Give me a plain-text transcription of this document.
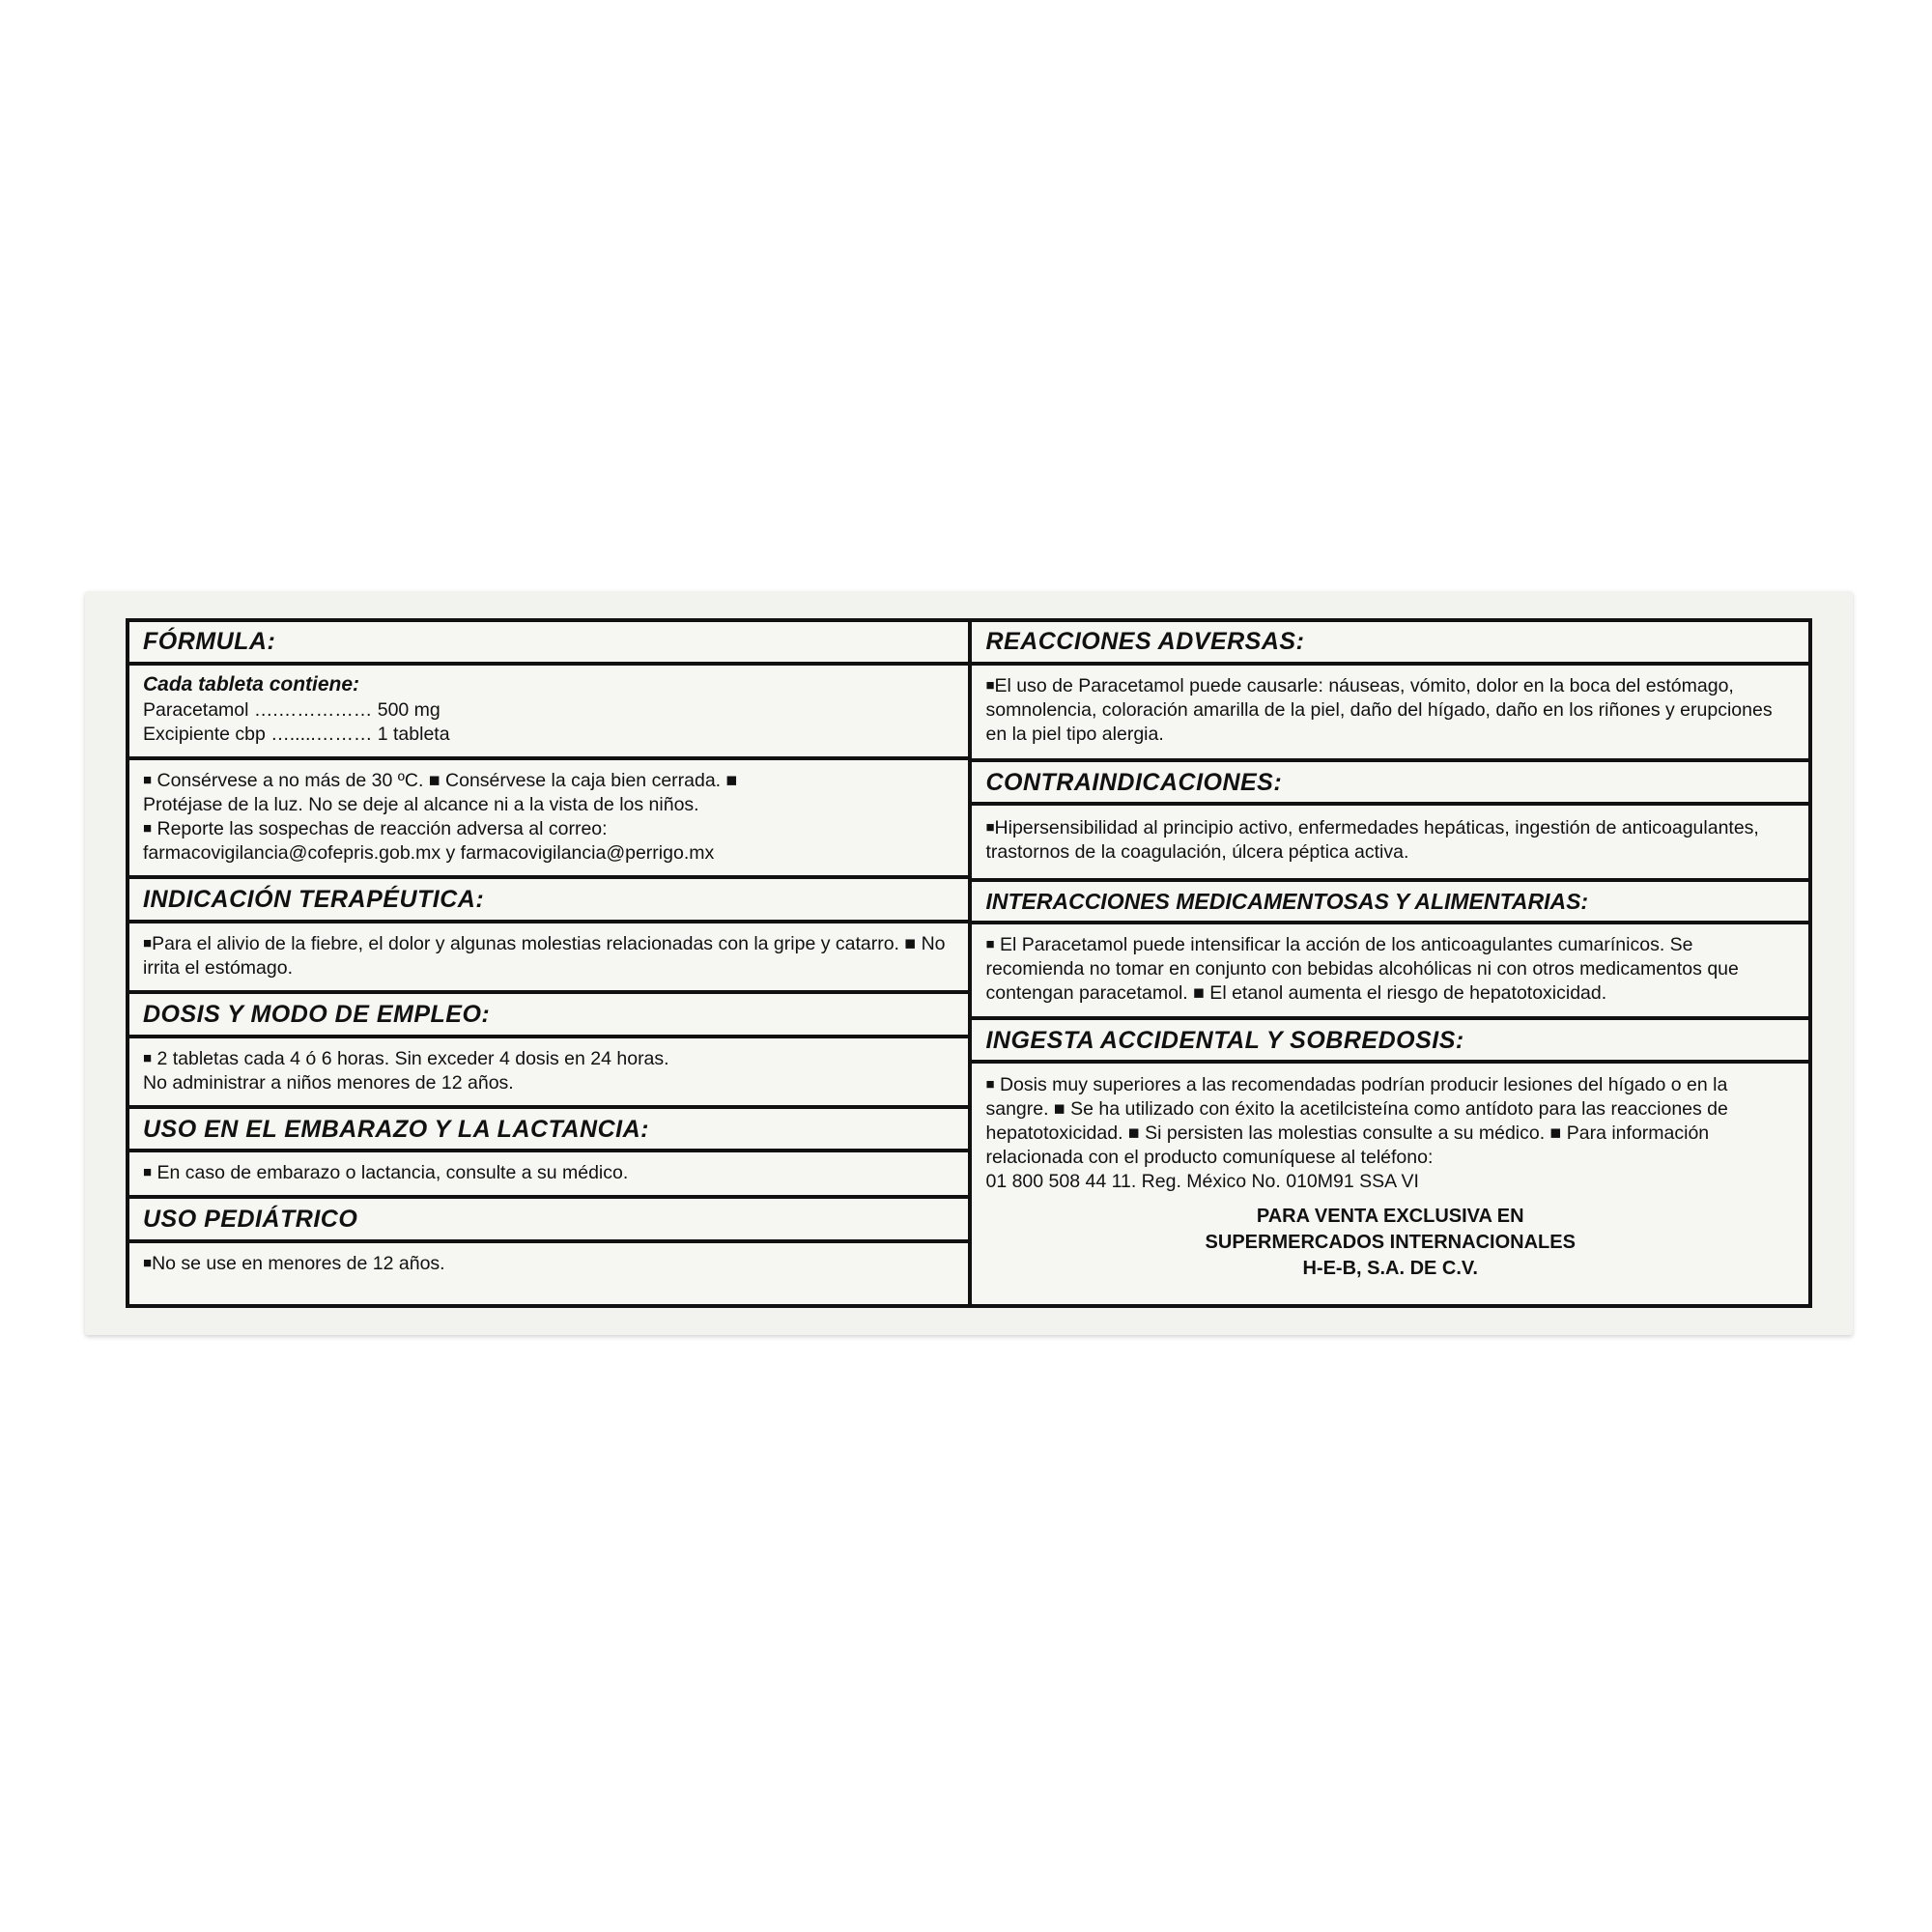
FÓRMULA:
Cada tableta contiene:
Paracetamol ….…………… 500 mg
Excipiente cbp ….....……… 1 tableta
■ Consérvese a no más de 30 ºC. ■ Consérvese la caja bien cerrada. ■
Protéjase de la luz. No se deje al alcance ni a la vista de los niños.
■ Reporte las sospechas de reacción adversa al correo:
farmacovigilancia@cofepris.gob.mx y farmacovigilancia@perrigo.mx
INDICACIÓN TERAPÉUTICA:
■Para el alivio de la fiebre, el dolor y algunas molestias relacionadas con la gripe y catarro. ■ No irrita el estómago.
DOSIS Y MODO DE EMPLEO:
■ 2 tabletas cada 4 ó 6 horas. Sin exceder 4 dosis en 24 horas.
No administrar a niños menores de 12 años.
USO EN EL EMBARAZO Y LA LACTANCIA:
■ En caso de embarazo o lactancia, consulte a su médico.
USO PEDIÁTRICO
■No se use en menores de 12 años.
REACCIONES ADVERSAS:
■El uso de Paracetamol puede causarle: náuseas, vómito, dolor en la boca del estómago, somnolencia, coloración amarilla de la piel, daño del hígado, daño en los riñones y erupciones en la piel tipo alergia.
CONTRAINDICACIONES:
■Hipersensibilidad al principio activo, enfermedades hepáticas, ingestión de anticoagulantes, trastornos de la coagulación, úlcera péptica activa.
INTERACCIONES MEDICAMENTOSAS Y ALIMENTARIAS:
■ El Paracetamol puede intensificar la acción de los anticoagulantes cumarínicos. Se recomienda no tomar en conjunto con bebidas alcohólicas ni con otros medicamentos que contengan paracetamol. ■ El etanol aumenta el riesgo de hepatotoxicidad.
INGESTA ACCIDENTAL Y SOBREDOSIS:
■ Dosis muy superiores a las recomendadas podrían producir lesiones del hígado o en la sangre. ■ Se ha utilizado con éxito la acetilcisteína como antídoto para las reacciones de hepatotoxicidad. ■ Si persisten las molestias consulte a su médico. ■ Para información relacionada con el producto comuníquese al teléfono:
01 800 508 44 11. Reg. México No. 010M91 SSA VI
PARA VENTA EXCLUSIVA EN
SUPERMERCADOS INTERNACIONALES
H-E-B, S.A. DE C.V.
